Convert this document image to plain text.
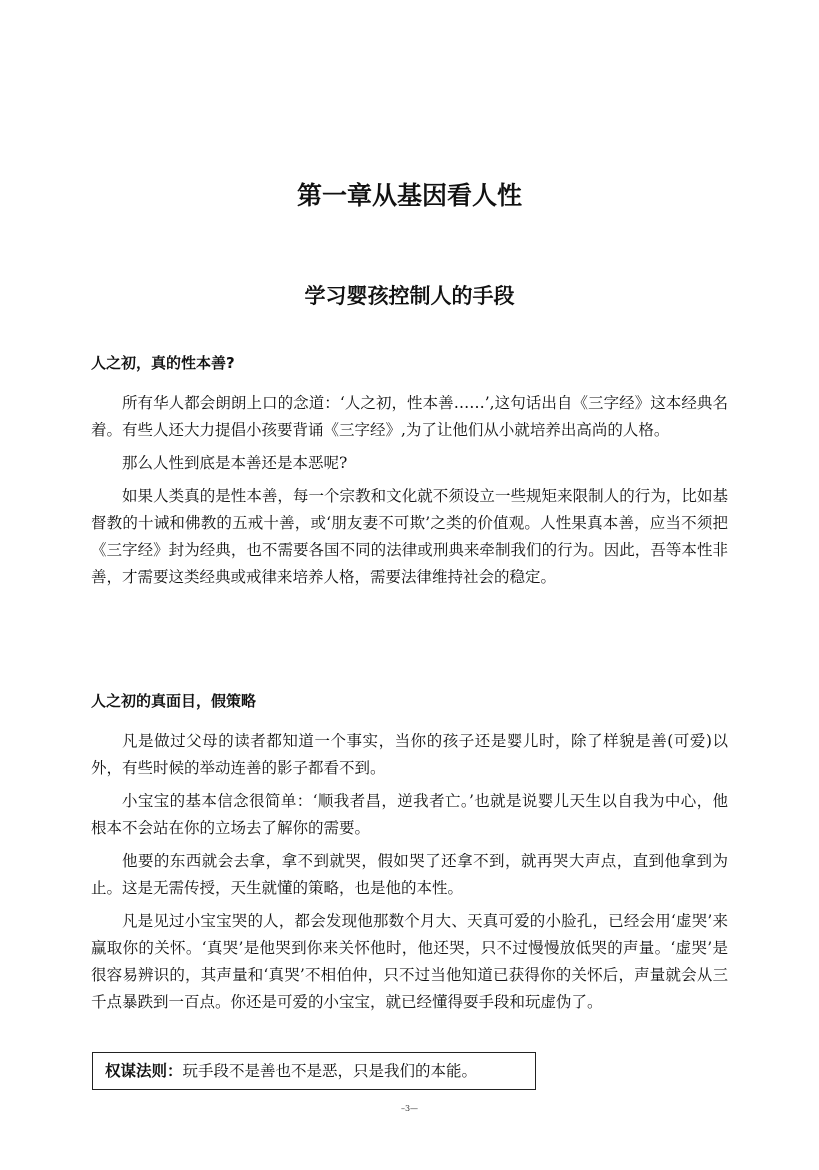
第一章从基因看人性
学习婴孩控制人的手段
人之初，真的性本善?

所有华人都会朗朗上口的念道：‘人之初，性本善……’,这句话出自《三字经》这本经典名着。有些人还大力提倡小孩要背诵《三字经》,为了让他们从小就培养出高尚的人格。

那么人性到底是本善还是本恶呢?

如果人类真的是性本善，每一个宗教和文化就不须设立一些规矩来限制人的行为，比如基督教的十诫和佛教的五戒十善，或‘朋友妻不可欺’之类的价值观。人性果真本善，应当不须把《三字经》封为经典，也不需要各国不同的法律或刑典来牵制我们的行为。因此，吾等本性非善，才需要这类经典或戒律来培养人格，需要法律维持社会的稳定。

人之初的真面目，假策略

凡是做过父母的读者都知道一个事实，当你的孩子还是婴儿时，除了样貌是善(可爱)以外，有些时候的举动连善的影子都看不到。

小宝宝的基本信念很简单：‘顺我者昌，逆我者亡。’也就是说婴儿天生以自我为中心，他根本不会站在你的立场去了解你的需要。

他要的东西就会去拿，拿不到就哭，假如哭了还拿不到，就再哭大声点，直到他拿到为止。这是无需传授，天生就懂的策略，也是他的本性。

凡是见过小宝宝哭的人，都会发现他那数个月大、天真可爱的小脸孔，已经会用‘虚哭’来赢取你的关怀。‘真哭’是他哭到你来关怀他时，他还哭，只不过慢慢放低哭的声量。‘虚哭’是很容易辨识的，其声量和‘真哭’不相伯仲，只不过当他知道已获得你的关怀后，声量就会从三千点暴跌到一百点。你还是可爱的小宝宝，就已经懂得耍手段和玩虚伪了。

权谋法则：玩手段不是善也不是恶，只是我们的本能。
–3—
